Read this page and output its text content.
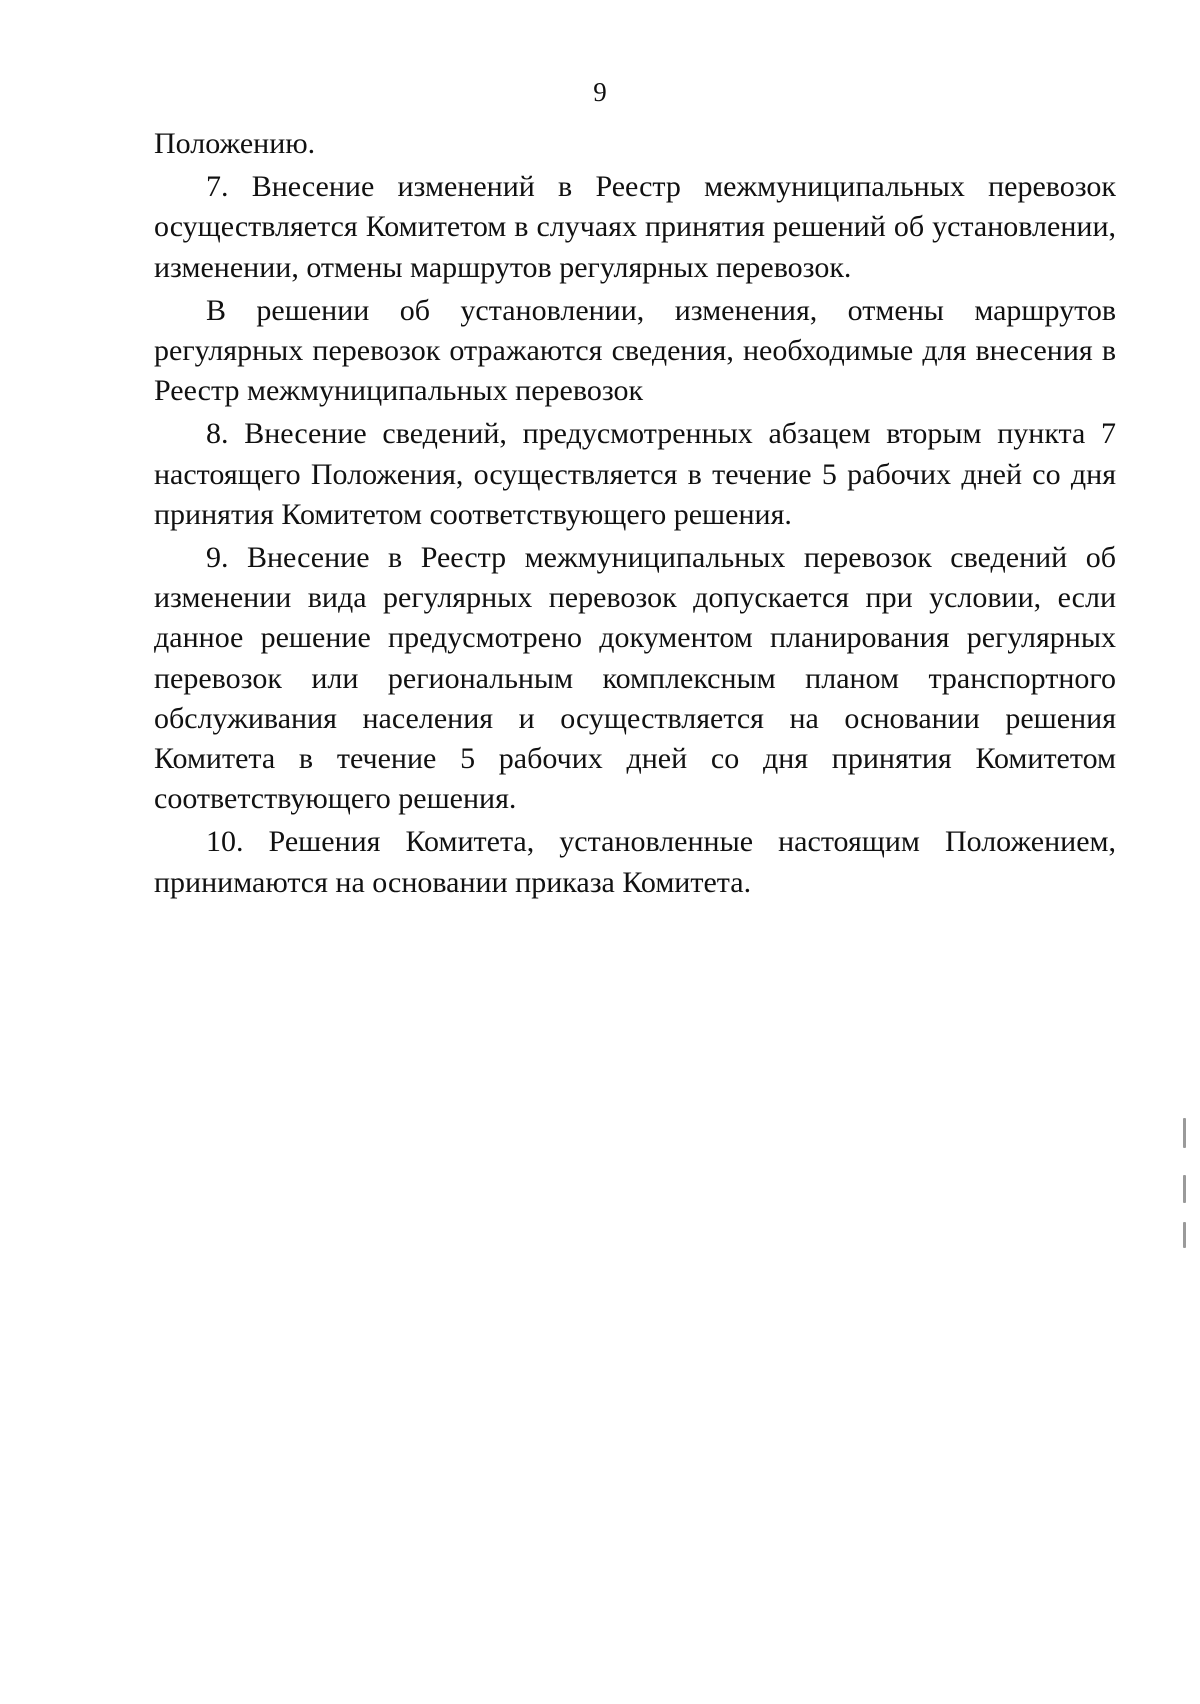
9

Положению.

7. Внесение изменений в Реестр межмуниципальных перевозок осуществляется Комитетом в случаях принятия решений об установлении, изменении, отмены маршрутов регулярных перевозок.

В решении об установлении, изменения, отмены маршрутов регулярных перевозок отражаются сведения, необходимые для внесения в Реестр межмуниципальных перевозок

8. Внесение сведений, предусмотренных абзацем вторым пункта 7 настоящего Положения, осуществляется в течение 5 рабочих дней со дня принятия Комитетом соответствующего решения.

9. Внесение в Реестр межмуниципальных перевозок сведений об изменении вида регулярных перевозок допускается при условии, если данное решение предусмотрено документом планирования регулярных перевозок или региональным комплексным планом транспортного обслуживания населения и осуществляется на основании решения Комитета в течение 5 рабочих дней со дня принятия Комитетом соответствующего решения.

10. Решения Комитета, установленные настоящим Положением, принимаются на основании приказа Комитета.
